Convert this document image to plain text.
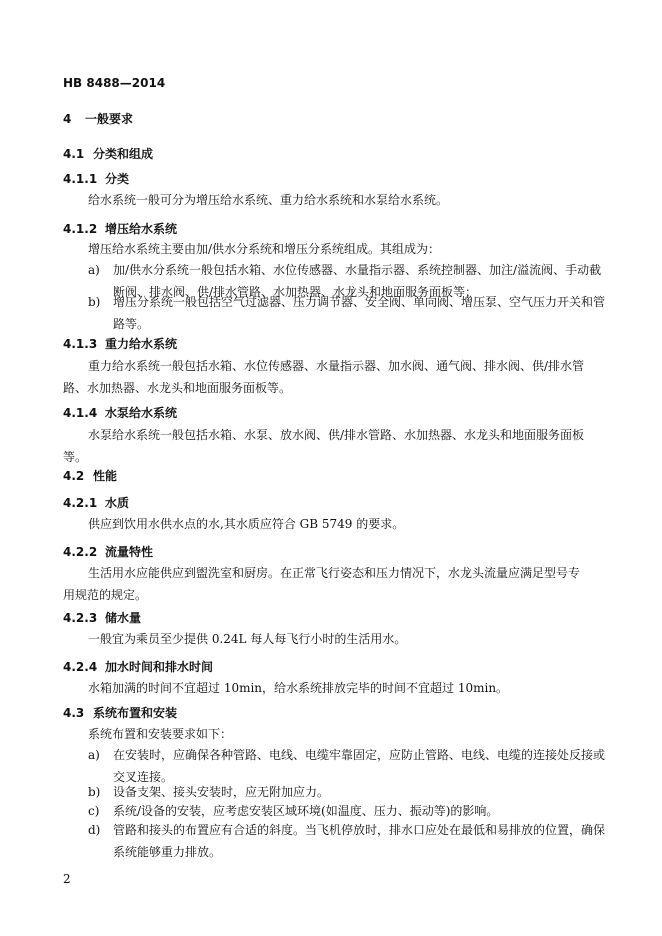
HB 8488—2014
4 一般要求
4.1 分类和组成
4.1.1 分类
给水系统一般可分为增压给水系统、重力给水系统和水泵给水系统。
4.1.2 增压给水系统
增压给水系统主要由加/供水分系统和增压分系统组成。其组成为：
a) 加/供水分系统一般包括水箱、水位传感器、水量指示器、系统控制器、加注/溢流阀、手动截断阀、排水阀、供/排水管路、水加热器、水龙头和地面服务面板等；
b) 增压分系统一般包括空气过滤器、压力调节器、安全阀、单向阀、增压泵、空气压力开关和管路等。
4.1.3 重力给水系统
重力给水系统一般包括水箱、水位传感器、水量指示器、加水阀、通气阀、排水阀、供/排水管路、水加热器、水龙头和地面服务面板等。
4.1.4 水泵给水系统
水泵给水系统一般包括水箱、水泵、放水阀、供/排水管路、水加热器、水龙头和地面服务面板等。
4.2 性能
4.2.1 水质
供应到饮用水供水点的水,其水质应符合 GB 5749 的要求。
4.2.2 流量特性
生活用水应能供应到盥洗室和厨房。在正常飞行姿态和压力情况下，水龙头流量应满足型号专用规范的规定。
4.2.3 储水量
一般宜为乘员至少提供 0.24L 每人每飞行小时的生活用水。
4.2.4 加水时间和排水时间
水箱加满的时间不宜超过 10min，给水系统排放完毕的时间不宜超过 10min。
4.3 系统布置和安装
系统布置和安装要求如下：
a) 在安装时，应确保各种管路、电线、电缆牢靠固定，应防止管路、电线、电缆的连接处反接或交叉连接。
b) 设备支架、接头安装时，应无附加应力。
c) 系统/设备的安装，应考虑安装区域环境(如温度、压力、振动等)的影响。
d) 管路和接头的布置应有合适的斜度。当飞机停放时，排水口应处在最低和易排放的位置，确保系统能够重力排放。
2
